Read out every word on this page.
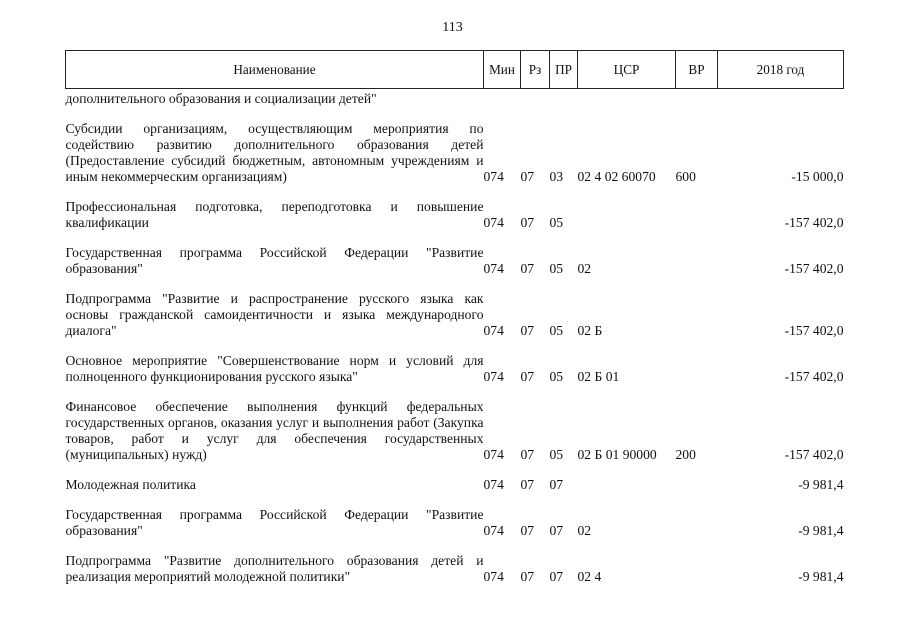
113
Наименование	Мин	Рз	ПР	ЦСР	ВР	2018 год
дополнительного образования и социализации детей"						
Субсидии организациям, осуществляющим мероприятия по содействию развитию дополнительного образования детей (Предоставление субсидий бюджетным, автономным учреждениям и иным некоммерческим организациям)	074	07	03	02 4 02 60070	600	-15 000,0
Профессиональная подготовка, переподготовка и повышение квалификации	074	07	05			-157 402,0
Государственная программа Российской Федерации "Развитие образования"	074	07	05	02		-157 402,0
Подпрограмма "Развитие и распространение русского языка как основы гражданской самоидентичности и языка международного диалога"	074	07	05	02 Б		-157 402,0
Основное мероприятие "Совершенствование норм и условий для полноценного функционирования русского языка"	074	07	05	02 Б 01		-157 402,0
Финансовое обеспечение выполнения функций федеральных государственных органов, оказания услуг и выполнения работ (Закупка товаров, работ и услуг для обеспечения государственных (муниципальных) нужд)	074	07	05	02 Б 01 90000	200	-157 402,0
Молодежная политика	074	07	07			-9 981,4
Государственная программа Российской Федерации "Развитие образования"	074	07	07	02		-9 981,4
Подпрограмма "Развитие дополнительного образования детей и реализация мероприятий молодежной политики"	074	07	07	02 4		-9 981,4
